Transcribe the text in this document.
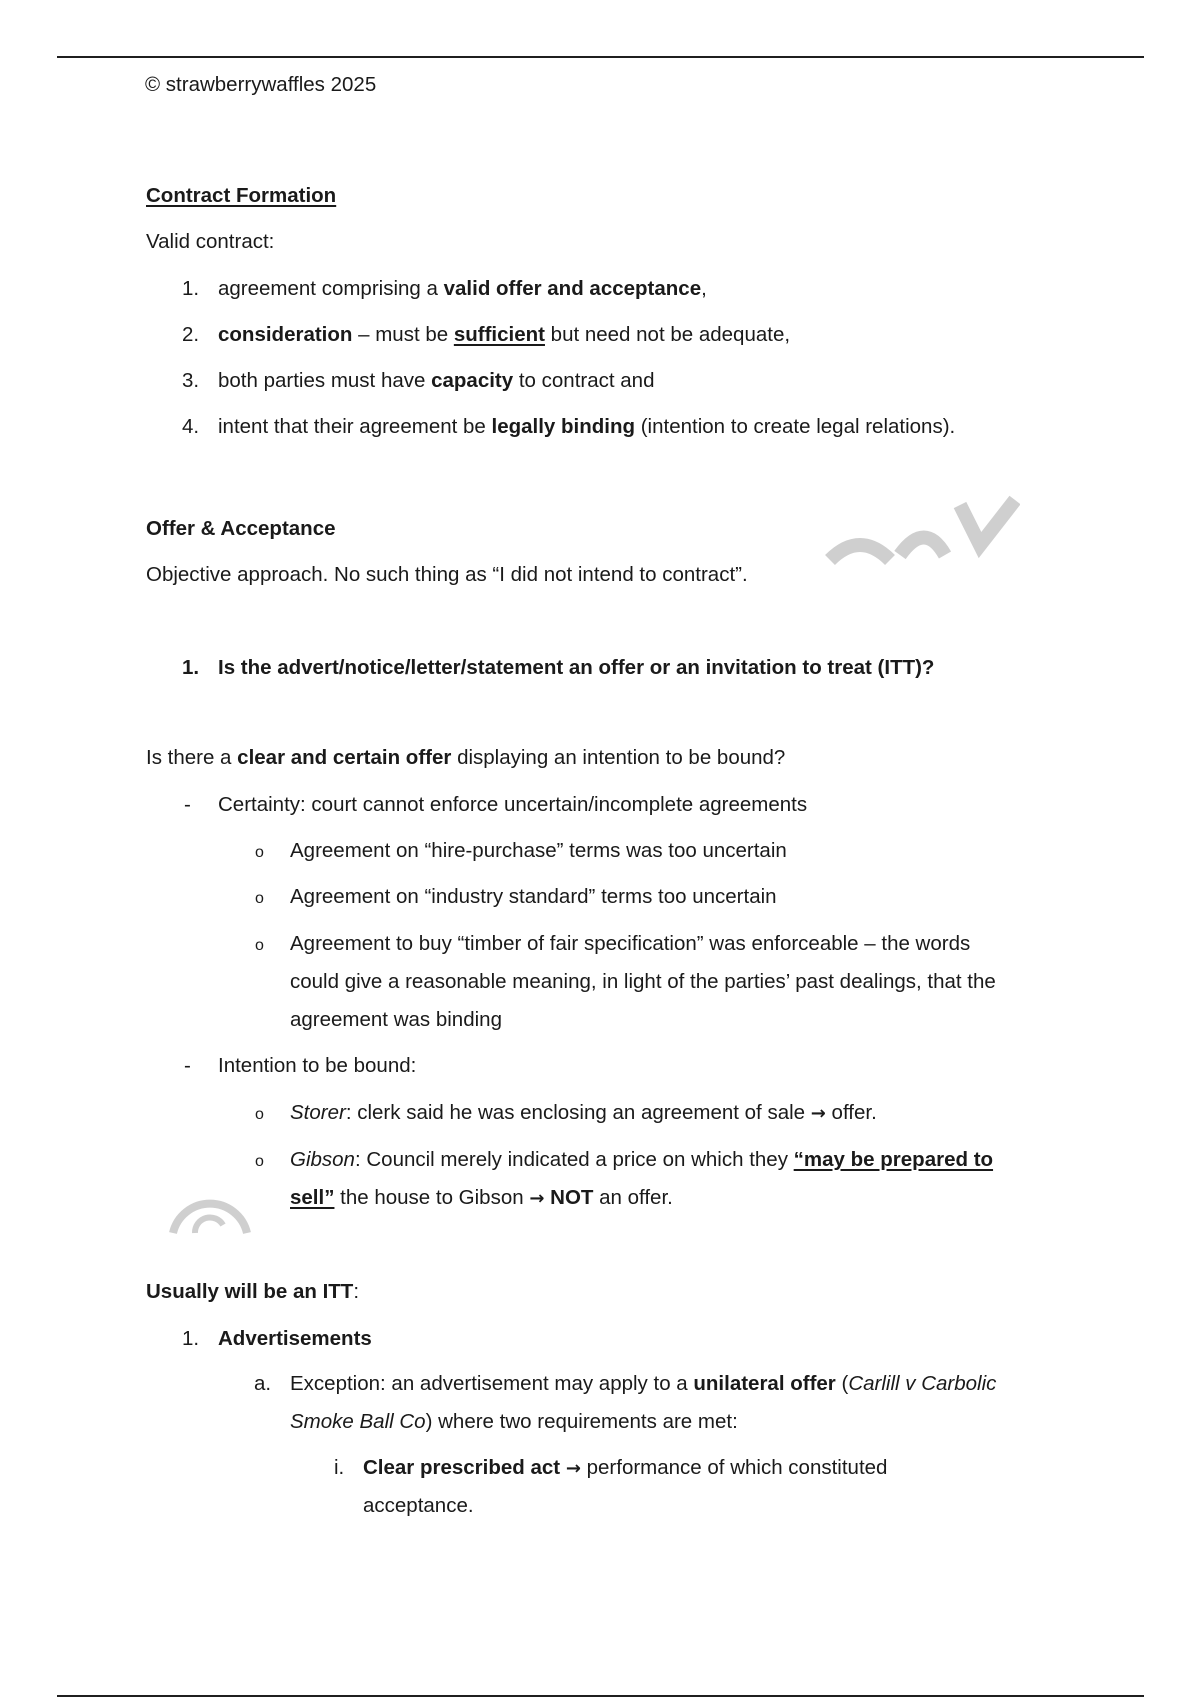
© strawberrywaffles 2025
Contract Formation
Valid contract:
1. agreement comprising a valid offer and acceptance,
2. consideration – must be sufficient but need not be adequate,
3. both parties must have capacity to contract and
4. intent that their agreement be legally binding (intention to create legal relations).
Offer & Acceptance
Objective approach. No such thing as “I did not intend to contract”.
1. Is the advert/notice/letter/statement an offer or an invitation to treat (ITT)?
Is there a clear and certain offer displaying an intention to be bound?
- Certainty: court cannot enforce uncertain/incomplete agreements
o Agreement on “hire-purchase” terms was too uncertain
o Agreement on “industry standard” terms too uncertain
o Agreement to buy “timber of fair specification” was enforceable – the words
could give a reasonable meaning, in light of the parties’ past dealings, that the
agreement was binding
- Intention to be bound:
o Storer: clerk said he was enclosing an agreement of sale → offer.
o Gibson: Council merely indicated a price on which they “may be prepared to
sell” the house to Gibson → NOT an offer.
Usually will be an ITT:
1. Advertisements
a. Exception: an advertisement may apply to a unilateral offer (Carlill v Carbolic
Smoke Ball Co) where two requirements are met:
i. Clear prescribed act → performance of which constituted
acceptance.
